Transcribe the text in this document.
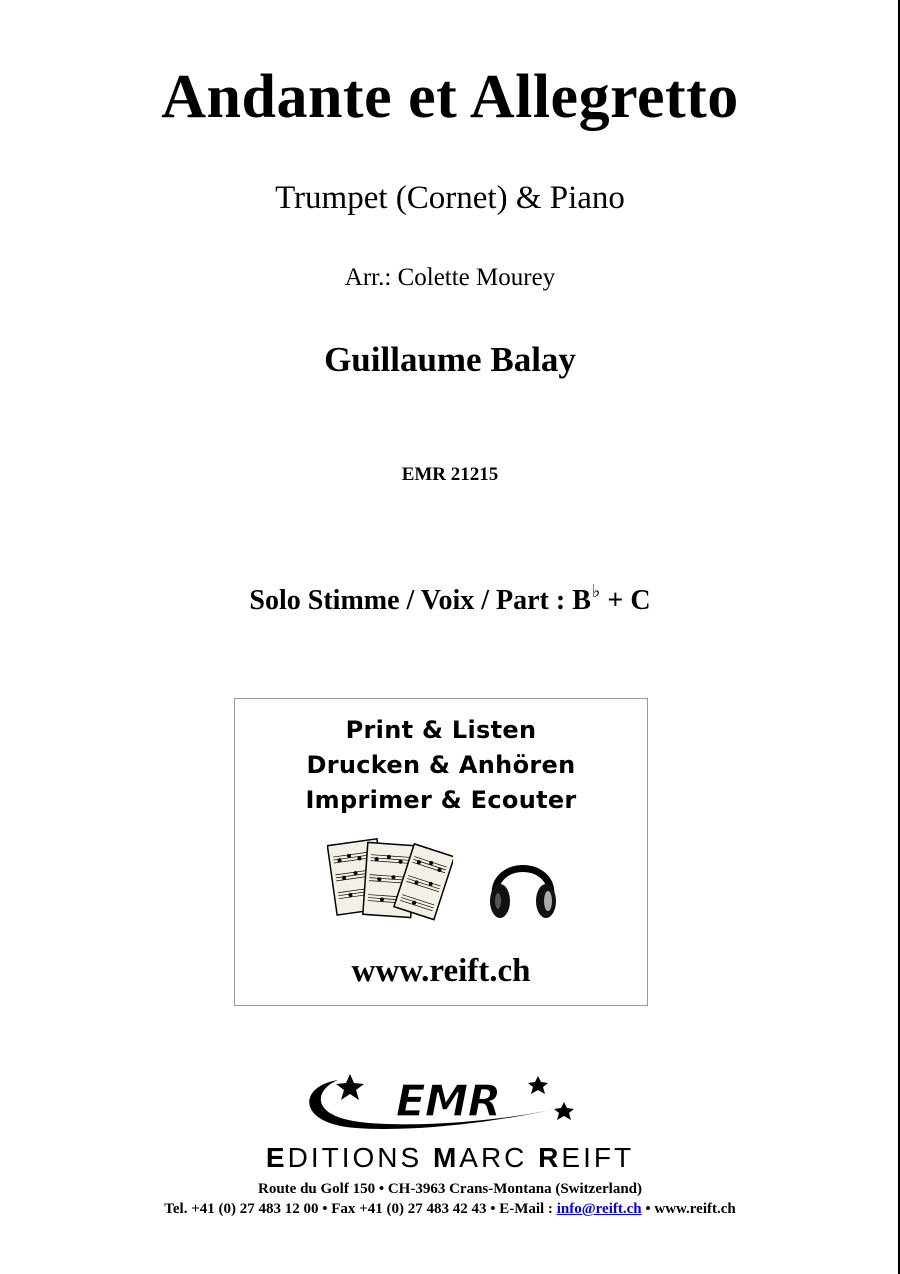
Andante et Allegretto
Trumpet (Cornet) & Piano
Arr.: Colette Mourey
Guillaume Balay
EMR 21215
Solo Stimme / Voix / Part : B♭ + C
Print & Listen
Drucken & Anhören
Imprimer & Ecouter
www.reift.ch
EMR
EDITIONS MARC REIFT
Route du Golf 150 • CH-3963 Crans-Montana (Switzerland)
Tel. +41 (0) 27 483 12 00 • Fax +41 (0) 27 483 42 43 • E-Mail : info@reift.ch • www.reift.ch
